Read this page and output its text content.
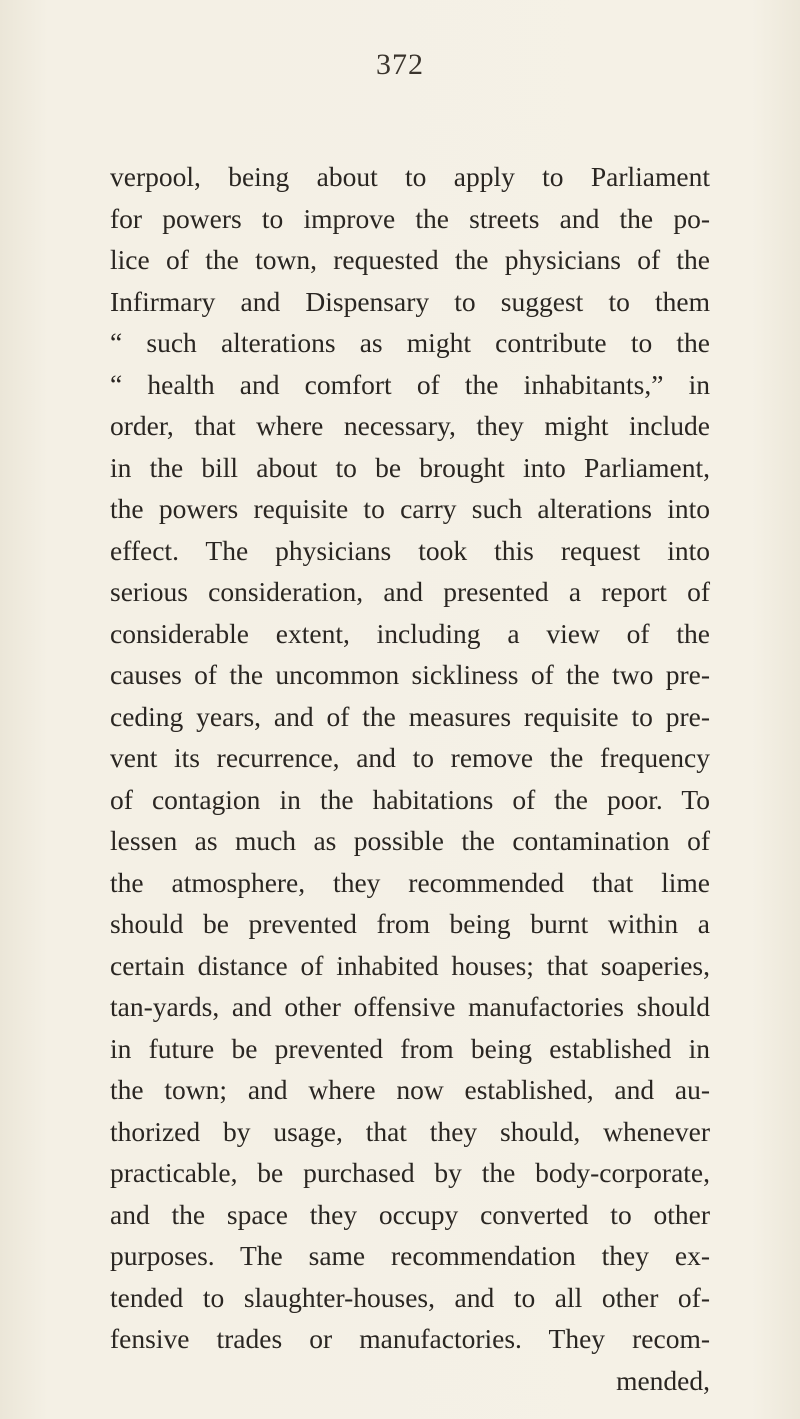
372
verpool, being about to apply to Parliament
for powers to improve the streets and the po-
lice of the town, requested the physicians of the
Infirmary and Dispensary to suggest to them
“ such alterations as might contribute to the
“ health and comfort of the inhabitants,” in
order, that where necessary, they might include
in the bill about to be brought into Parliament,
the powers requisite to carry such alterations into
effect. The physicians took this request into
serious consideration, and presented a report of
considerable extent, including a view of the
causes of the uncommon sickliness of the two pre-
ceding years, and of the measures requisite to pre-
vent its recurrence, and to remove the frequency
of contagion in the habitations of the poor. To
lessen as much as possible the contamination of
the atmosphere, they recommended that lime
should be prevented from being burnt within a
certain distance of inhabited houses; that soaperies,
tan-yards, and other offensive manufactories should
in future be prevented from being established in
the town; and where now established, and au-
thorized by usage, that they should, whenever
practicable, be purchased by the body-corporate,
and the space they occupy converted to other
purposes. The same recommendation they ex-
tended to slaughter-houses, and to all other of-
fensive trades or manufactories. They recom-
mended,
